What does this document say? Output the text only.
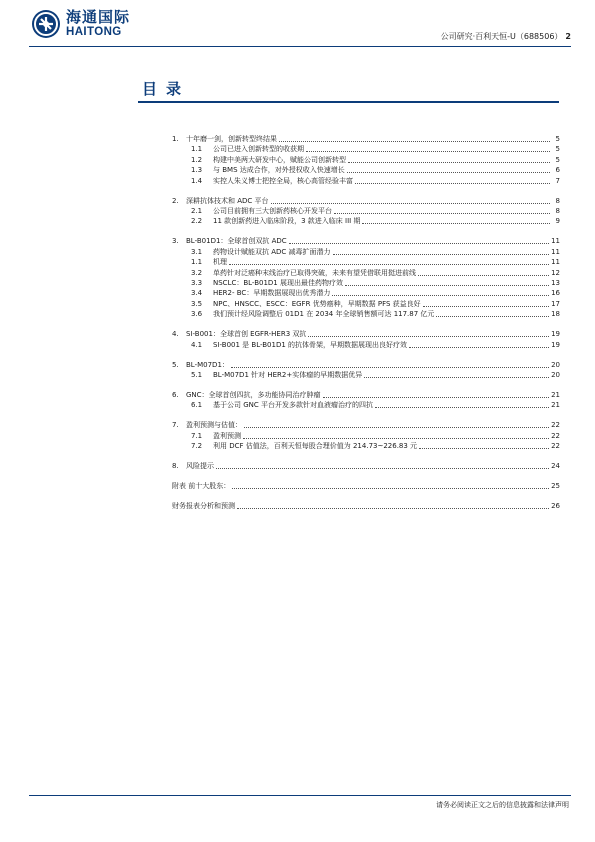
海通国际
HAITONG	公司研究·百利天恒-U（688506） 2
目录
1.	十年磨一剑，创新转型终结果	5
1.1	公司已进入创新转型的收获期	5
1.2	构建中美两大研发中心，赋能公司创新转型	5
1.3	与 BMS 达成合作，对外授权收入快速增长	6
1.4	实控人朱义博士把控全局，核心高管经验丰富	7
2.	深耕抗体技术和 ADC 平台	8
2.1	公司目前拥有三大创新药核心开发平台	8
2.2	11 款创新药进入临床阶段，3 款进入临床 III 期	9
3.	BL-B01D1：全球首创双抗 ADC	11
3.1	药物设计赋能双抗 ADC 减毒扩面潜力	11
1.1	机理	11
3.2	单药针对泛癌种末线治疗已取得突破，未来有望凭借联用挺进前线	12
3.3	NSCLC：BL-B01D1 展现出最佳药物疗效	13
3.4	HER2- BC：早期数据展现出优秀潜力	16
3.5	NPC、HNSCC、ESCC：EGFR 优势癌种，早期数据 PFS 获益良好	17
3.6	我们预计经风险调整后 01D1 在 2034 年全球销售额可达 117.87 亿元	18
4.	SI-B001：全球首创 EGFR-HER3 双抗	19
4.1	SI-B001 是 BL-B01D1 的抗体骨架，早期数据展现出良好疗效	19
5.	BL-M07D1：	20
5.1	BL-M07D1 针对 HER2+实体瘤的早期数据优异	20
6.	GNC：全球首创四抗，多功能协同治疗肿瘤	21
6.1	基于公司 GNC 平台开发多款针对血液瘤治疗的四抗	21
7.	盈利预测与估值：	22
7.1	盈利预测	22
7.2	利用 DCF 估值法，百利天恒每股合理价值为 214.73~226.83 元	22
8.	风险提示	24
附表 前十大股东：	25
财务报表分析和预测	26
请务必阅读正文之后的信息披露和法律声明
